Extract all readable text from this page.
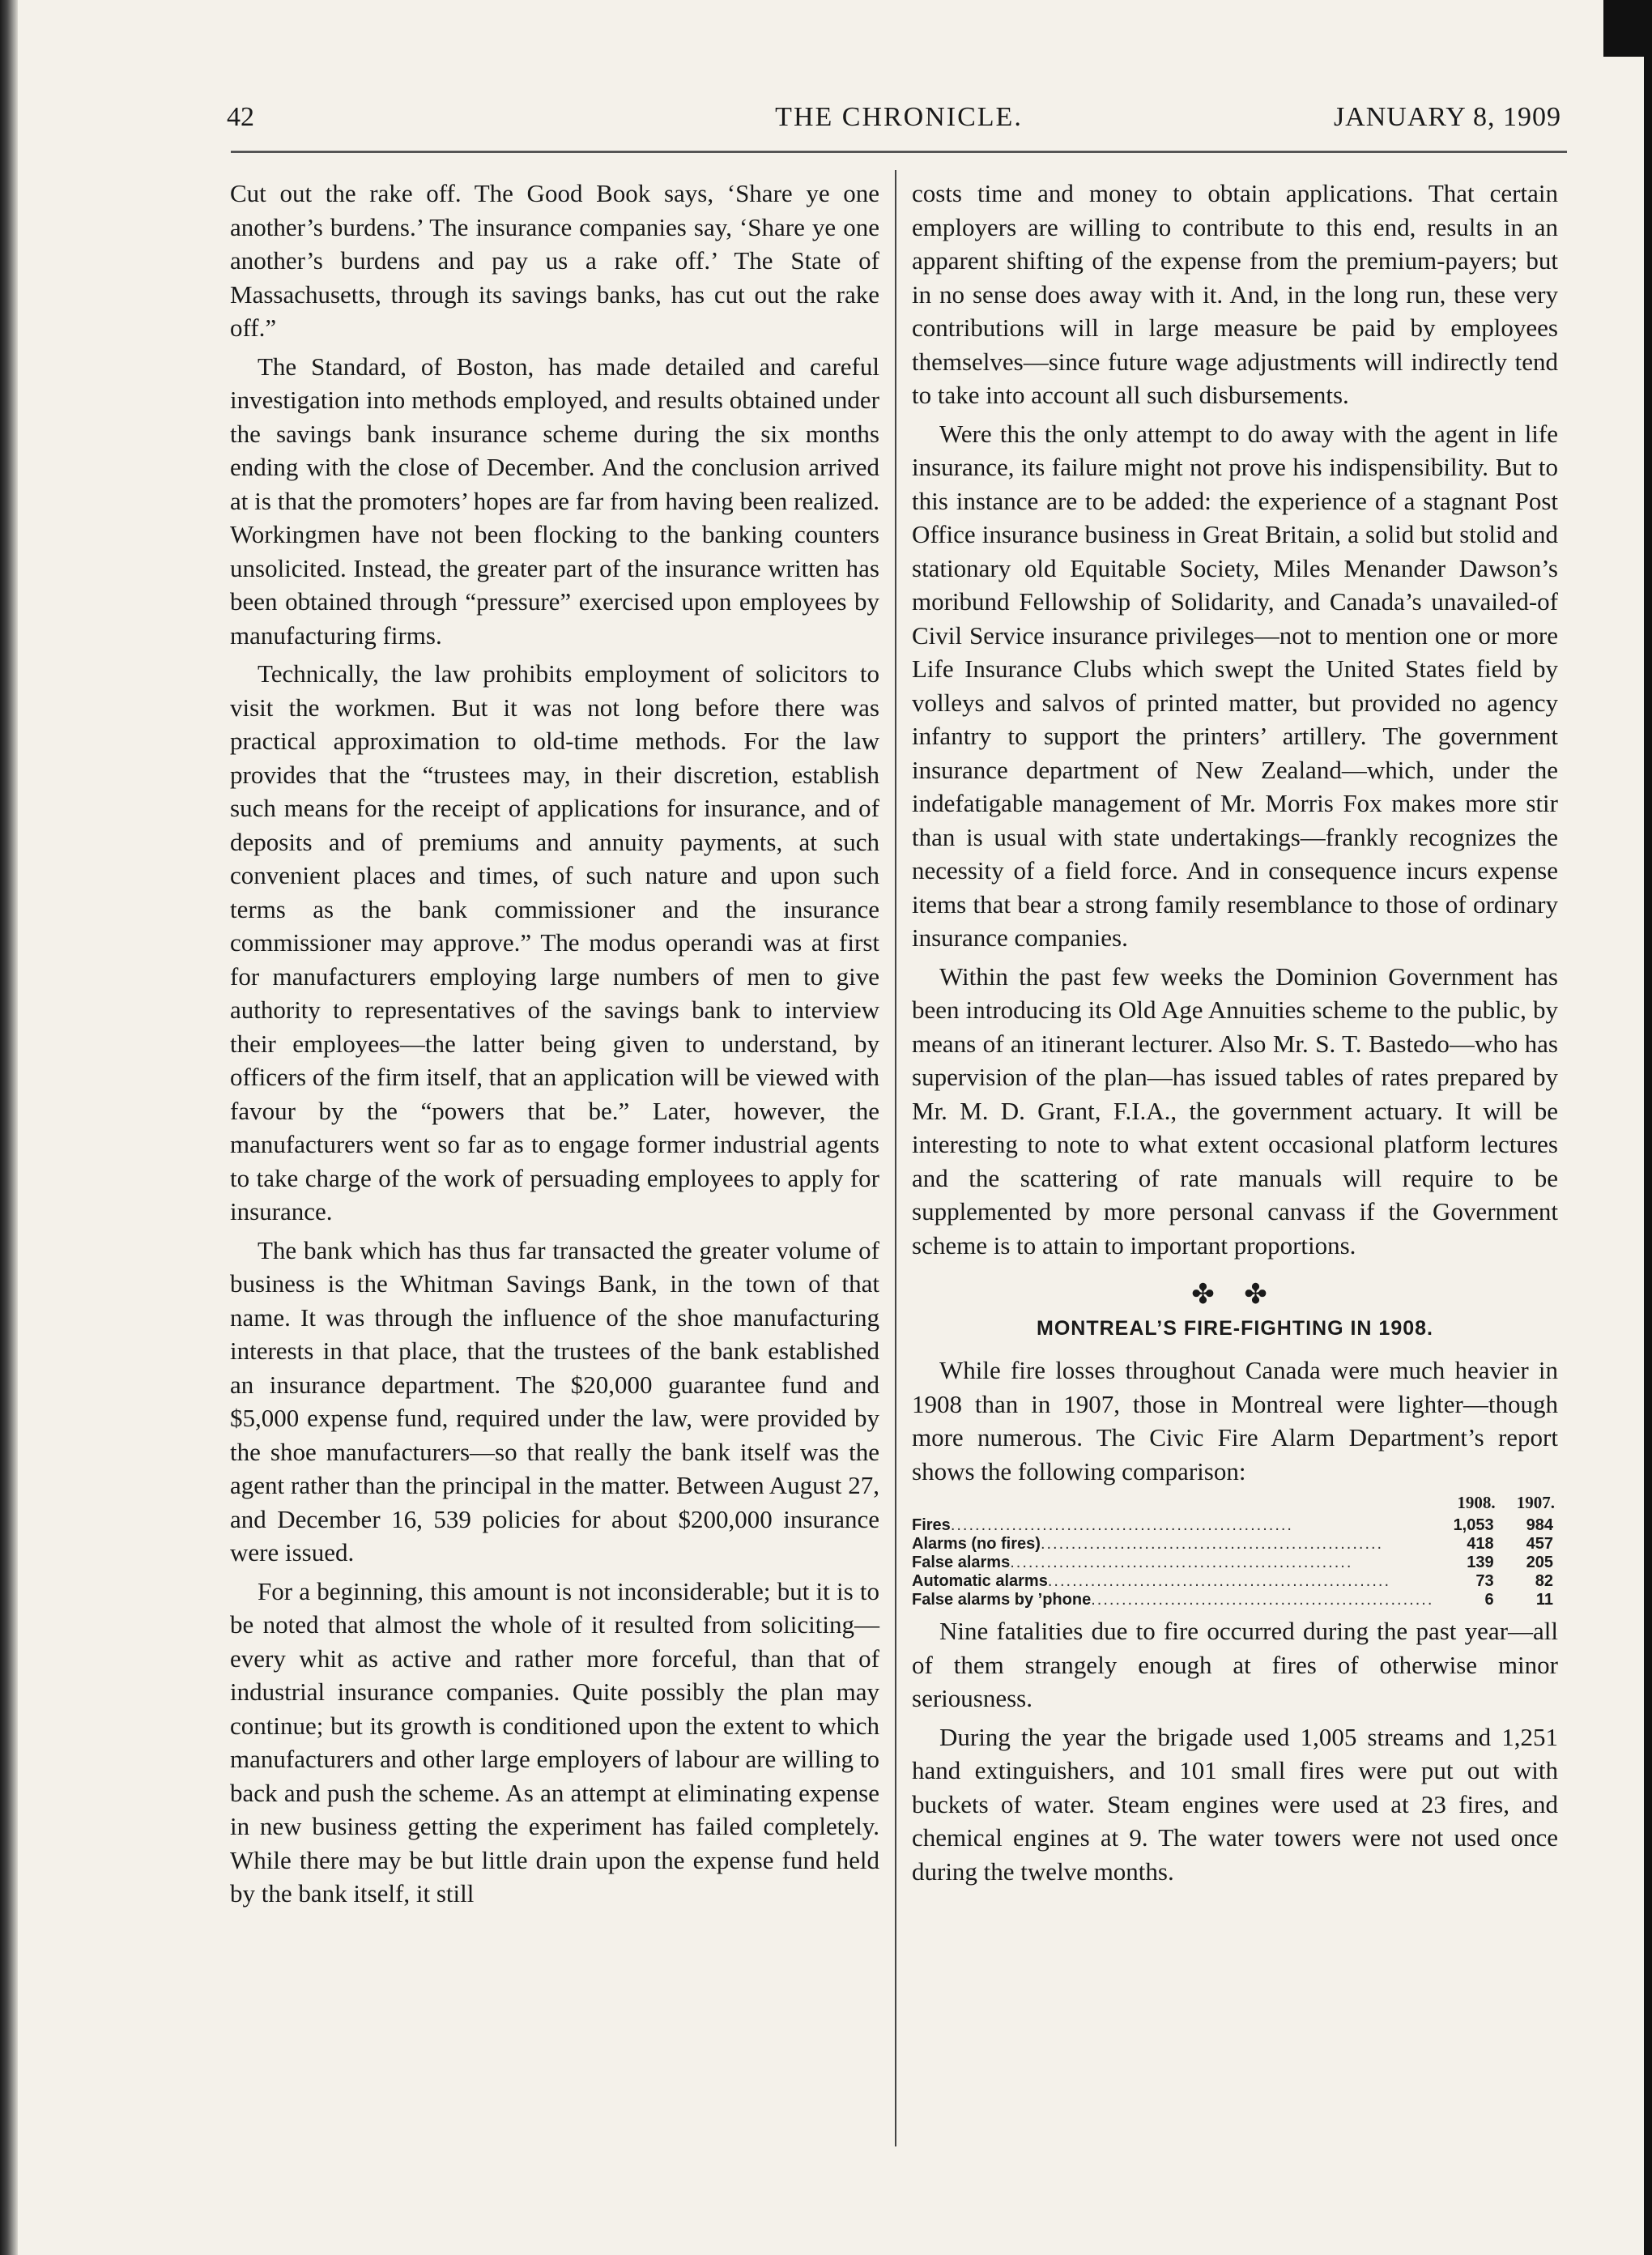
42	THE CHRONICLE.	JANUARY 8, 1909

Cut out the rake off. The Good Book says, ‘Share ye one another’s burdens.’ The insurance companies say, ‘Share ye one another’s burdens and pay us a rake off.’ The State of Massachusetts, through its savings banks, has cut out the rake off.”

The Standard, of Boston, has made detailed and careful investigation into methods employed, and results obtained under the savings bank insurance scheme during the six months ending with the close of December. And the conclusion arrived at is that the promoters’ hopes are far from having been realized. Workingmen have not been flocking to the banking counters unsolicited. Instead, the greater part of the insurance written has been obtained through “pressure” exercised upon employees by manufacturing firms.

Technically, the law prohibits employment of solicitors to visit the workmen. But it was not long before there was practical approximation to old-time methods. For the law provides that the “trustees may, in their discretion, establish such means for the receipt of applications for insurance, and of deposits and of premiums and annuity payments, at such convenient places and times, of such nature and upon such terms as the bank commissioner and the insurance commissioner may approve.” The modus operandi was at first for manufacturers employing large numbers of men to give authority to representatives of the savings bank to interview their employees—the latter being given to understand, by officers of the firm itself, that an application will be viewed with favour by the “powers that be.” Later, however, the manufacturers went so far as to engage former industrial agents to take charge of the work of persuading employees to apply for insurance.

The bank which has thus far transacted the greater volume of business is the Whitman Savings Bank, in the town of that name. It was through the influence of the shoe manufacturing interests in that place, that the trustees of the bank established an insurance department. The $20,000 guarantee fund and $5,000 expense fund, required under the law, were provided by the shoe manufacturers—so that really the bank itself was the agent rather than the principal in the matter. Between August 27, and December 16, 539 policies for about $200,000 insurance were issued.

For a beginning, this amount is not inconsiderable; but it is to be noted that almost the whole of it resulted from soliciting—every whit as active and rather more forceful, than that of industrial insurance companies. Quite possibly the plan may continue; but its growth is conditioned upon the extent to which manufacturers and other large employers of labour are willing to back and push the scheme. As an attempt at eliminating expense in new business getting the experiment has failed completely. While there may be but little drain upon the expense fund held by the bank itself, it still

costs time and money to obtain applications. That certain employers are willing to contribute to this end, results in an apparent shifting of the expense from the premium-payers; but in no sense does away with it. And, in the long run, these very contributions will in large measure be paid by employees themselves—since future wage adjustments will indirectly tend to take into account all such disbursements.

Were this the only attempt to do away with the agent in life insurance, its failure might not prove his indispensibility. But to this instance are to be added: the experience of a stagnant Post Office insurance business in Great Britain, a solid but stolid and stationary old Equitable Society, Miles Menander Dawson’s moribund Fellowship of Solidarity, and Canada’s unavailed-of Civil Service insurance privileges—not to mention one or more Life Insurance Clubs which swept the United States field by volleys and salvos of printed matter, but provided no agency infantry to support the printers’ artillery. The government insurance department of New Zealand—which, under the indefatigable management of Mr. Morris Fox makes more stir than is usual with state undertakings—frankly recognizes the necessity of a field force. And in consequence incurs expense items that bear a strong family resemblance to those of ordinary insurance companies.

Within the past few weeks the Dominion Government has been introducing its Old Age Annuities scheme to the public, by means of an itinerant lecturer. Also Mr. S. T. Bastedo—who has supervision of the plan—has issued tables of rates prepared by Mr. M. D. Grant, F.I.A., the government actuary. It will be interesting to note to what extent occasional platform lectures and the scattering of rate manuals will require to be supplemented by more personal canvass if the Government scheme is to attain to important proportions.

✤ ✤
MONTREAL’S FIRE-FIGHTING IN 1908.

While fire losses throughout Canada were much heavier in 1908 than in 1907, those in Montreal were lighter—though more numerous. The Civic Fire Alarm Department’s report shows the following comparison:

	1908.	1907.
Fires........................................................	1,053	984
Alarms (no fires)........................................................	418	457
False alarms........................................................	139	205
Automatic alarms........................................................	73	82
False alarms by ’phone........................................................	6	11

Nine fatalities due to fire occurred during the past year—all of them strangely enough at fires of otherwise minor seriousness.

During the year the brigade used 1,005 streams and 1,251 hand extinguishers, and 101 small fires were put out with buckets of water. Steam engines were used at 23 fires, and chemical engines at 9. The water towers were not used once during the twelve months.
